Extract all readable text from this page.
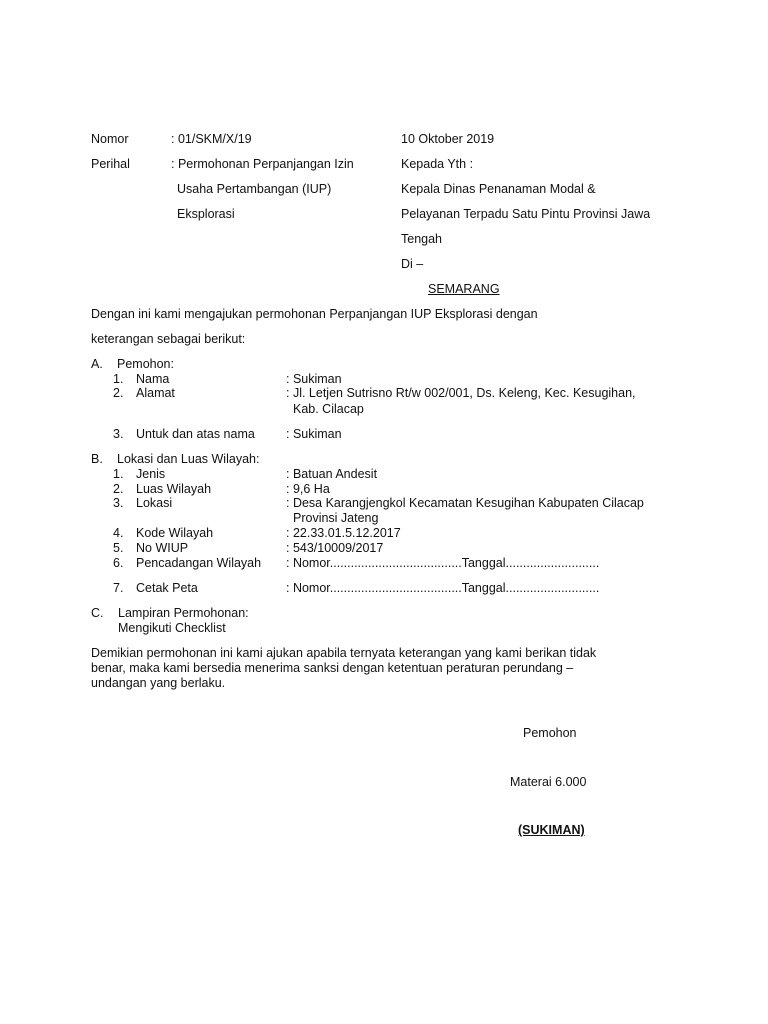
Nomor	: 01/SKM/X/19
Perihal	: Permohonan Perpanjangan Izin
Usaha Pertambangan (IUP)
Eksplorasi
10 Oktober 2019
Kepada Yth :
Kepala Dinas Penanaman Modal &
Pelayanan Terpadu Satu Pintu Provinsi Jawa
Tengah
Di –
SEMARANG
Dengan ini kami mengajukan permohonan Perpanjangan IUP Eksplorasi dengan
keterangan sebagai berikut:
A. Pemohon:
1. Nama	: Sukiman
2. Alamat	: Jl. Letjen Sutrisno Rt/w 002/001, Ds. Keleng, Kec. Kesugihan,
Kab. Cilacap
3. Untuk dan atas nama : Sukiman
B. Lokasi dan Luas Wilayah:
1. Jenis	: Batuan Andesit
2. Luas Wilayah	: 9,6 Ha
3. Lokasi	: Desa Karangjengkol Kecamatan Kesugihan Kabupaten Cilacap
Provinsi Jateng
4. Kode Wilayah	: 22.33.01.5.12.2017
5. No WIUP	: 543/10009/2017
6. Pencadangan Wilayah : Nomor......................................Tanggal...........................
7. Cetak Peta	: Nomor......................................Tanggal...........................
C. Lampiran Permohonan:
Mengikuti Checklist
Demikian permohonan ini kami ajukan apabila ternyata keterangan yang kami berikan tidak
benar, maka kami bersedia menerima sanksi dengan ketentuan peraturan perundang –
undangan yang berlaku.
Pemohon
Materai 6.000
(SUKIMAN)
